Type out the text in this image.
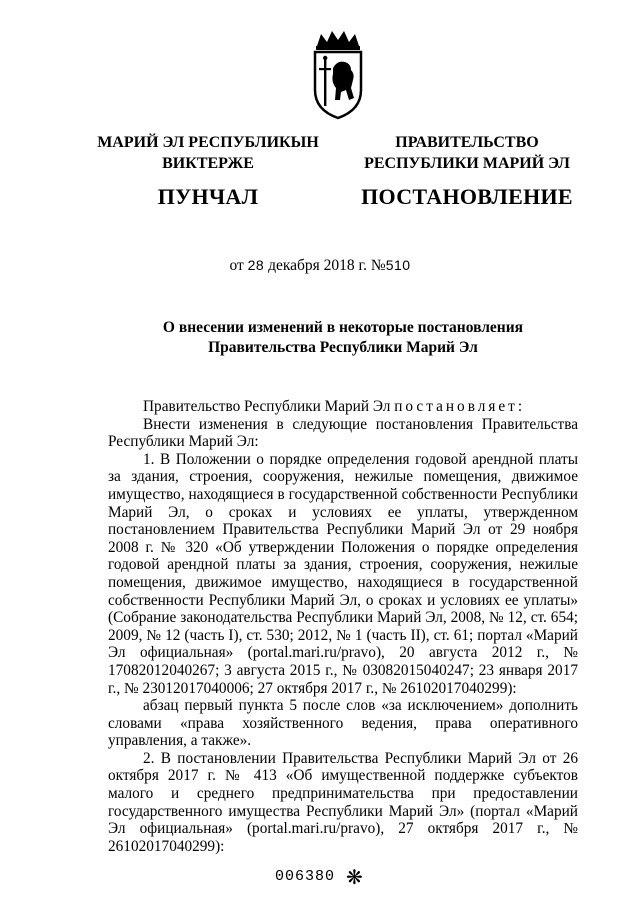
МАРИЙ ЭЛ РЕСПУБЛИКЫН
ВИКТЕРЖЕ
ПУНЧАЛ
ПРАВИТЕЛЬСТВО
РЕСПУБЛИКИ МАРИЙ ЭЛ
ПОСТАНОВЛЕНИЕ
от 28 декабря 2018 г. №510
О внесении изменений в некоторые постановления
Правительства Республики Марий Эл

Правительство Республики Марий Эл постановляет:

Внести изменения в следующие постановления Правительства Республики Марий Эл:

1. В Положении о порядке определения годовой арендной платы за здания, строения, сооружения, нежилые помещения, движимое имущество, находящиеся в государственной собственности Республики Марий Эл, о сроках и условиях ее уплаты, утвержденном постановлением Правительства Республики Марий Эл от 29 ноября 2008 г. № 320 «Об утверждении Положения о порядке определения годовой арендной платы за здания, строения, сооружения, нежилые помещения, движимое имущество, находящиеся в государственной собственности Республики Марий Эл, о сроках и условиях ее уплаты» (Собрание законодательства Республики Марий Эл, 2008, № 12, ст. 654; 2009, № 12 (часть I), ст. 530; 2012, № 1 (часть II), ст. 61; портал «Марий Эл официальная» (portal.mari.ru/pravo), 20 августа 2012 г., № 17082012040267; 3 августа 2015 г., № 03082015040247; 23 января 2017 г., № 23012017040006; 27 октября 2017 г., № 26102017040299):

абзац первый пункта 5 после слов «за исключением» дополнить словами «права хозяйственного ведения, права оперативного управления, а также».

2. В постановлении Правительства Республики Марий Эл от 26 октября 2017 г. № 413 «Об имущественной поддержке субъектов малого и среднего предпринимательства при предоставлении государственного имущества Республики Марий Эл» (портал «Марий Эл официальная» (portal.mari.ru/pravo), 27 октября 2017 г., № 26102017040299):

006380 ❋
